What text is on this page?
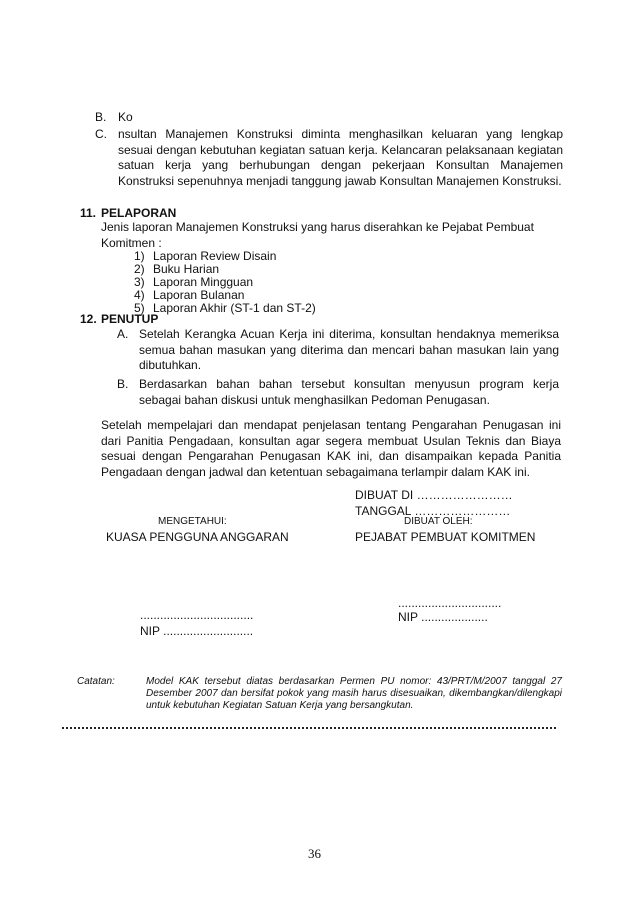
B. Ko
C. nsultan Manajemen Konstruksi diminta menghasilkan keluaran yang lengkap sesuai dengan kebutuhan kegiatan satuan kerja. Kelancaran pelaksanaan kegiatan satuan kerja yang berhubungan dengan pekerjaan Konsultan Manajemen Konstruksi sepenuhnya menjadi tanggung jawab Konsultan Manajemen Konstruksi.
11. PELAPORAN
Jenis laporan Manajemen Konstruksi yang harus diserahkan ke Pejabat Pembuat Komitmen :
1) Laporan Review Disain
2) Buku Harian
3) Laporan Mingguan
4) Laporan Bulanan
5) Laporan Akhir (ST-1 dan ST-2)
12. PENUTUP
A. Setelah Kerangka Acuan Kerja ini diterima, konsultan hendaknya memeriksa semua bahan masukan yang diterima dan mencari bahan masukan lain yang dibutuhkan.
B. Berdasarkan bahan bahan tersebut konsultan menyusun program kerja sebagai bahan diskusi untuk menghasilkan Pedoman Penugasan.
Setelah mempelajari dan mendapat penjelasan tentang Pengarahan Penugasan ini dari Panitia Pengadaan, konsultan agar segera membuat Usulan Teknis dan Biaya sesuai dengan Pengarahan Penugasan KAK ini, dan disampaikan kepada Panitia Pengadaan dengan jadwal dan ketentuan sebagaimana terlampir dalam KAK ini.
DIBUAT DI ……………………
TANGGAL ……………………
MENGETAHUI:	DIBUAT OLEH:
KUASA PENGGUNA ANGGARAN	PEJABAT PEMBUAT KOMITMEN
..................................
NIP ...........................
...............................
NIP ....................
Catatan:	Model KAK tersebut diatas berdasarkan Permen PU nomor: 43/PRT/M/2007 tanggal 27 Desember 2007 dan bersifat pokok yang masih harus disesuaikan, dikembangkan/dilengkapi untuk kebutuhan Kegiatan Satuan Kerja yang bersangkutan.
36
